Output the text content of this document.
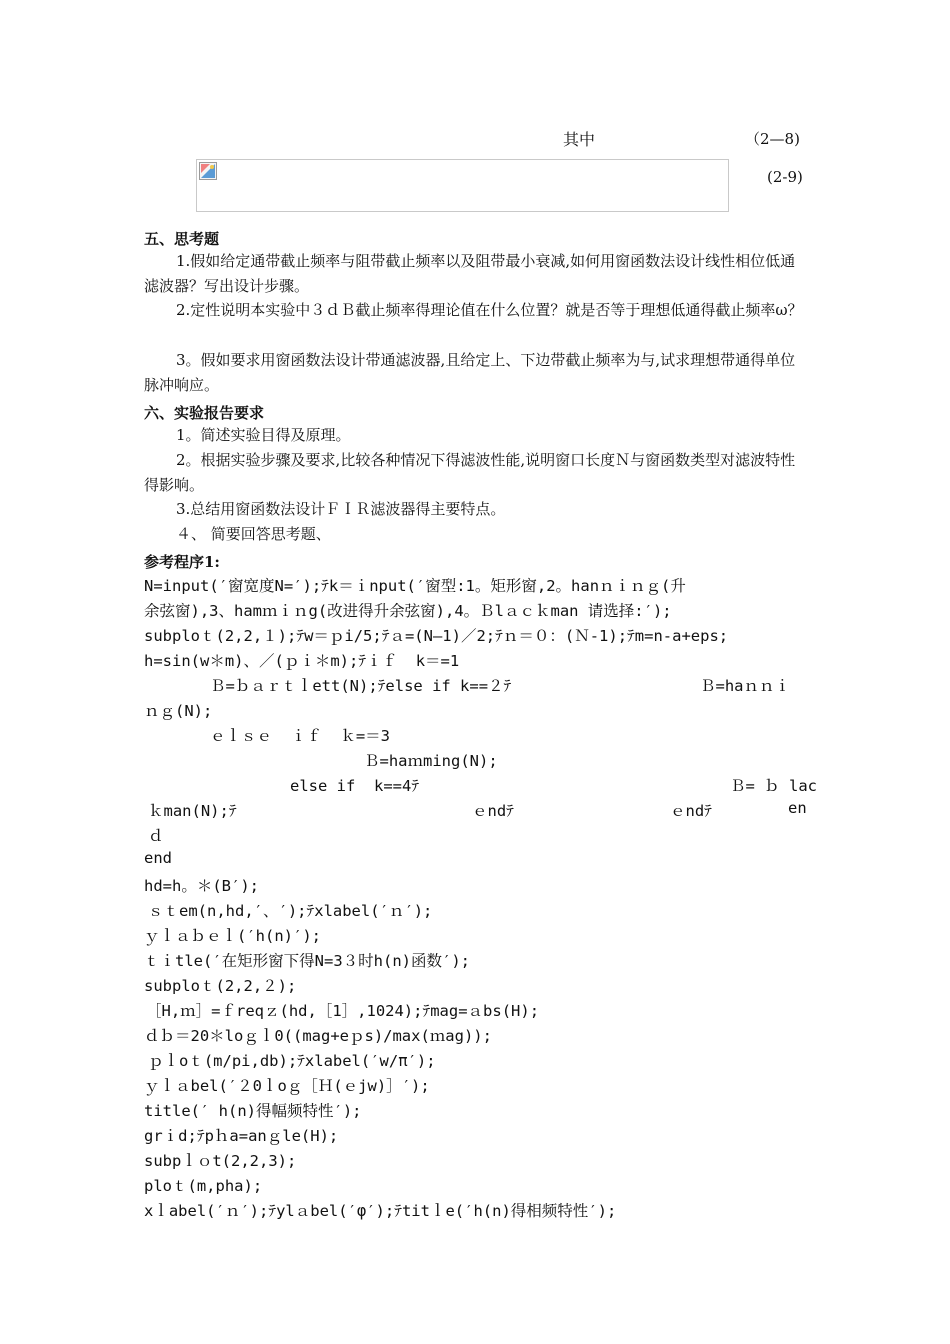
其中	（2—8)
(2-9)
五、思考题
1.假如给定通带截止频率与阻带截止频率以及阻带最小衰减,如何用窗函数法设计线性相位低通滤波器？写出设计步骤。
2.定性说明本实验中３ｄＢ截止频率得理论值在什么位置？就是否等于理想低通得截止频率ω？
3。假如要求用窗函数法设计带通滤波器,且给定上、下边带截止频率为与,试求理想带通得单位脉冲响应。
六、实验报告要求
1。简述实验目得及原理。
2。根据实验步骤及要求,比较各种情况下得滤波性能,说明窗口长度Ｎ与窗函数类型对滤波特性得影响。
3.总结用窗函数法设计ＦＩＲ滤波器得主要特点。
４、 简要回答思考题、
参考程序1:
N=input(′窗宽度N=′);ﾃk＝ｉnput(′窗型:1。矩形窗,2。hanｎｉｎｇ(升
余弦窗),3、hamｍｉｎg(改进得升余弦窗),4。Ｂlａｃｋman 请选择:′);
subploｔ(2,2,１);ﾃw＝ｐi/5;ﾃａ=(N—1)／2;ﾃｎ＝０：(Ｎ-1);ﾃm=n-a+eps;
h=sin(w＊m)、／(ｐｉ＊m);ﾃｉｆ  k＝=1
Ｂ=ｂａｒｔｌett(N);ﾃelse if k==２ﾃ	Ｂ=haｎｎｉ
ｎｇ(N);
ｅｌｓｅ  ｉｆ  ｋ=＝3
Ｂ=haｍming(N);
else if  k==4ﾃ	Ｂ= ｂ lac
ｋman(N);ﾃ	ｅndﾃ	ｅndﾃ	en
ｄ
end
hd=h。＊(B′);
ｓｔem(n,hd,′、′);ﾃxlabel(′ｎ′);
ｙｌａｂｅｌ(′h(n)′);
ｔｉtle(′在矩形窗下得N=3３时h(n)函数′);
subploｔ(2,2,２);
［H,ｍ］=ｆreqｚ(hd,［1］,1024);ﾃmag=ａbs(H);
ｄｂ＝20＊loｇｌ0((mag+eｐs)/max(ｍag));
ｐｌoｔ(m/pi,db);ﾃxlabel(′w/π′);
ｙｌａbel(′２0ｌoｇ［Ｈ(ｅjw)］′);
title(′ h(n)得幅频特性′);
grｉd;ﾃpｈa=anｇle(H);
subpｌｏt(2,2,3);
ploｔ(m,pha);
xｌabel(′ｎ′);ﾃylａbel(′φ′);ﾃtitｌe(′h(n)得相频特性′);
